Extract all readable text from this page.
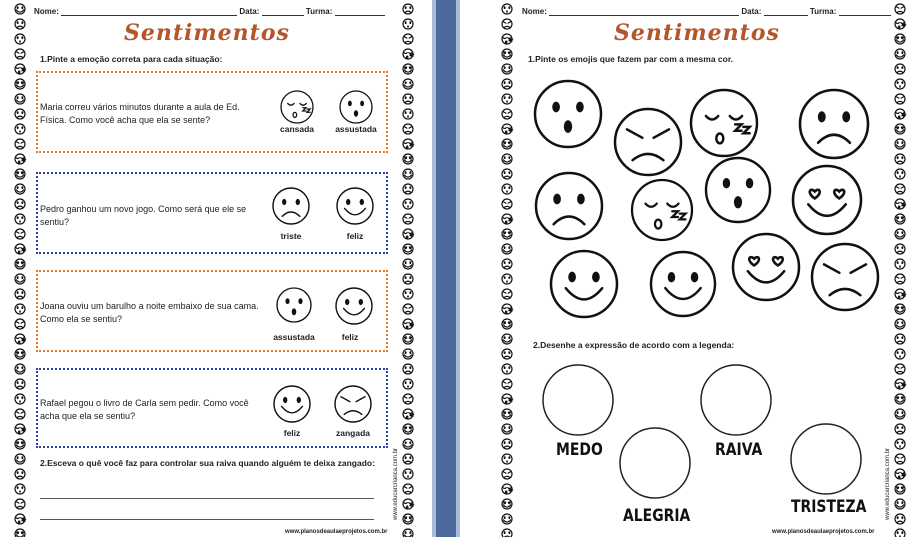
Nome:	Data:	Turma:
Sentimentos
1.Pinte a emoção correta para cada situação:
Maria correu vários minutos durante a aula de Ed. Física. Como você acha que ela se sente?
cansada	assustada
Pedro ganhou um novo jogo. Como será que ele se sentiu?
triste	feliz
Joana ouviu um barulho a noite embaixo de sua cama. Como ela se sentiu?
assustada	feliz
Rafael pegou o livro de Carla sem pedir. Como você acha que ela se sentiu?
feliz	zangada
2.Esceva o quê você faz para controlar sua raiva quando alguém te deixa zangado:
www.planosdeaulaeprojetos.com.br
www.educarcrianca.com.br
Nome:	Data:	Turma:
Sentimentos
1.Pinte os emojis que fazem par com a mesma cor.
2.Desenhe a expressão de acordo com a legenda:
MEDO	RAIVA
ALEGRIA	TRISTEZA
www.planosdeaulaeprojetos.com.br
www.educarcrianca.com.br
